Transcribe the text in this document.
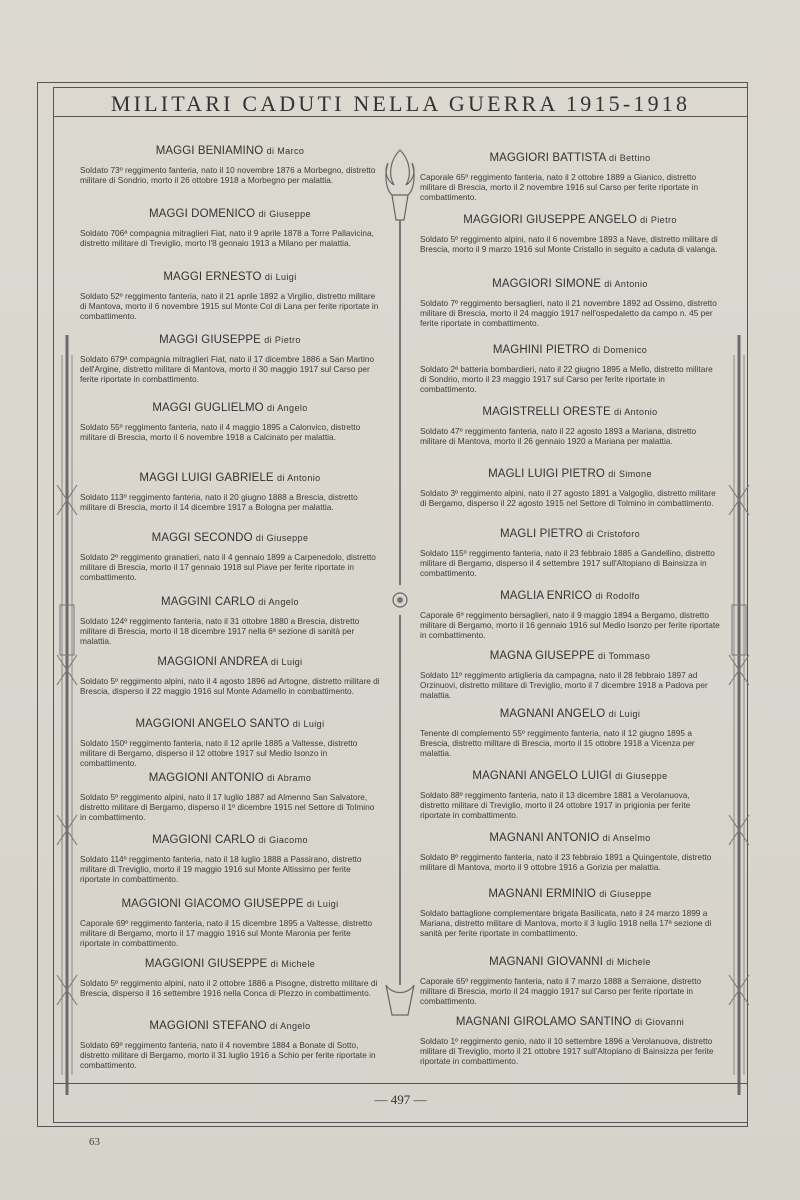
MILITARI CADUTI NELLA GUERRA 1915-1918
MAGGI BENIAMINO di Marco

Soldato 73º reggimento fanteria, nato il 10 novembre 1876 a Morbegno, distretto militare di Sondrio, morto il 26 ottobre 1918 a Morbegno per malattia.

MAGGI DOMENICO di Giuseppe

Soldato 706ª compagnia mitraglieri Fiat, nato il 9 aprile 1878 a Torre Pallavicina, distretto militare di Treviglio, morto l'8 gennaio 1913 a Milano per malattia.

MAGGI ERNESTO di Luigi

Soldato 52º reggimento fanteria, nato il 21 aprile 1892 a Virgilio, distretto militare di Mantova, morto il 6 novembre 1915 sul Monte Col di Lana per ferite riportate in combattimento.

MAGGI GIUSEPPE di Pietro

Soldato 679ª compagnia mitraglieri Fiat, nato il 17 dicembre 1886 a San Martino dell'Argine, distretto militare di Mantova, morto il 30 maggio 1917 sul Carso per ferite riportate in combattimento.

MAGGI GUGLIELMO di Angelo

Soldato 55º reggimento fanteria, nato il 4 maggio 1895 a Calonvico, distretto militare di Brescia, morto il 6 novembre 1918 a Calcinato per malattia.

MAGGI LUIGI GABRIELE di Antonio

Soldato 113º reggimento fanteria, nato il 20 giugno 1888 a Brescia, distretto militare di Brescia, morto il 14 dicembre 1917 a Bologna per malattia.

MAGGI SECONDO di Giuseppe

Soldato 2º reggimento granatieri, nato il 4 gennaio 1899 a Carpenedolo, distretto militare di Brescia, morto il 17 gennaio 1918 sul Piave per ferite riportate in combattimento.

MAGGINI CARLO di Angelo

Soldato 124º reggimento fanteria, nato il 31 ottobre 1880 a Brescia, distretto militare di Brescia, morto il 18 dicembre 1917 nella 6ª sezione di sanità per malattia.

MAGGIONI ANDREA di Luigi

Soldato 5º reggimento alpini, nato il 4 agosto 1896 ad Artogne, distretto militare di Brescia, disperso il 22 maggio 1916 sul Monte Adamello in combattimento.

MAGGIONI ANGELO SANTO di Luigi

Soldato 150º reggimento fanteria, nato il 12 aprile 1885 a Valtesse, distretto militare di Bergamo, disperso il 12 ottobre 1917 sul Medio Isonzo in combattimento.

MAGGIONI ANTONIO di Abramo

Soldato 5º reggimento alpini, nato il 17 luglio 1887 ad Almenno San Salvatore, distretto militare di Bergamo, disperso il 1º dicembre 1915 nel Settore di Tolmino in combattimento.

MAGGIONI CARLO di Giacomo

Soldato 114º reggimento fanteria, nato il 18 luglio 1888 a Passirano, distretto militare di Treviglio, morto il 19 maggio 1916 sul Monte Altissimo per ferite riportate in combattimento.

MAGGIONI GIACOMO GIUSEPPE di Luigi

Caporale 69º reggimento fanteria, nato il 15 dicembre 1895 a Valtesse, distretto militare di Bergamo, morto il 17 maggio 1916 sul Monte Maronia per ferite riportate in combattimento.

MAGGIONI GIUSEPPE di Michele

Soldato 5º reggimento alpini, nato il 2 ottobre 1886 a Pisogne, distretto militare di Brescia, disperso il 16 settembre 1916 nella Conca di Plezzo in combattimento.

MAGGIONI STEFANO di Angelo

Soldato 69º reggimento fanteria, nato il 4 novembre 1884 a Bonate di Sotto, distretto militare di Bergamo, morto il 31 luglio 1916 a Schio per ferite riportate in combattimento.

MAGGIORI BATTISTA di Bettino

Caporale 65º reggimento fanteria, nato il 2 ottobre 1889 a Gianico, distretto militare di Brescia, morto il 2 novembre 1916 sul Carso per ferite riportate in combattimento.

MAGGIORI GIUSEPPE ANGELO di Pietro

Soldato 5º reggimento alpini, nato il 6 novembre 1893 a Nave, distretto militare di Brescia, morto il 9 marzo 1916 sul Monte Cristallo in seguito a caduta di valanga.

MAGGIORI SIMONE di Antonio

Soldato 7º reggimento bersaglieri, nato il 21 novembre 1892 ad Ossimo, distretto militare di Brescia, morto il 24 maggio 1917 nell'ospedaletto da campo n. 45 per ferite riportate in combattimento.

MAGHINI PIETRO di Domenico

Soldato 2ª batteria bombardieri, nato il 22 giugno 1895 a Mello, distretto militare di Sondrio, morto il 23 maggio 1917 sul Carso per ferite riportate in combattimento.

MAGISTRELLI ORESTE di Antonio

Soldato 47º reggimento fanteria, nato il 22 agosto 1893 a Mariana, distretto militare di Mantova, morto il 26 gennaio 1920 a Mariana per malattia.

MAGLI LUIGI PIETRO di Simone

Soldato 3º reggimento alpini, nato il 27 agosto 1891 a Valgoglio, distretto militare di Bergamo, disperso il 22 agosto 1915 nel Settore di Tolmino in combattimento.

MAGLI PIETRO di Cristoforo

Soldato 115º reggimento fanteria, nato il 23 febbraio 1885 a Gandellino, distretto militare di Bergamo, disperso il 4 settembre 1917 sull'Altopiano di Bainsizza in combattimento.

MAGLIA ENRICO di Rodolfo

Caporale 6º reggimento bersaglieri, nato il 9 maggio 1894 a Bergamo, distretto militare di Bergamo, morto il 16 gennaio 1916 sul Medio Isonzo per ferite riportate in combattimento.

MAGNA GIUSEPPE di Tommaso

Soldato 11º reggimento artiglieria da campagna, nato il 28 febbraio 1897 ad Orzinuovi, distretto militare di Treviglio, morto il 7 dicembre 1918 a Padova per malattia.

MAGNANI ANGELO di Luigi

Tenente di complemento 55º reggimento fanteria, nato il 12 giugno 1895 a Brescia, distretto militare di Brescia, morto il 15 ottobre 1918 a Vicenza per malattia.

MAGNANI ANGELO LUIGI di Giuseppe

Soldato 88º reggimento fanteria, nato il 13 dicembre 1881 a Verolanuova, distretto militare di Treviglio, morto il 24 ottobre 1917 in prigionia per ferite riportate in combattimento.

MAGNANI ANTONIO di Anselmo

Soldato 8º reggimento fanteria, nato il 23 febbraio 1891 a Quingentole, distretto militare di Mantova, morto il 9 ottobre 1916 a Gorizia per malattia.

MAGNANI ERMINIO di Giuseppe

Soldato battaglione complementare brigata Basilicata, nato il 24 marzo 1899 a Mariana, distretto militare di Mantova, morto il 3 luglio 1918 nella 17ª sezione di sanità per ferite riportate in combattimento.

MAGNANI GIOVANNI di Michele

Caporale 65º reggimento fanteria, nato il 7 marzo 1888 a Serraione, distretto militare di Brescia, morto il 24 maggio 1917 sul Carso per ferite riportate in combattimento.

MAGNANI GIROLAMO SANTINO di Giovanni

Soldato 1º reggimento genio, nato il 10 settembre 1896 a Verolanuova, distretto militare di Treviglio, morto il 21 ottobre 1917 sull'Altopiano di Bainsizza per ferite riportate in combattimento.

— 497 —
63
